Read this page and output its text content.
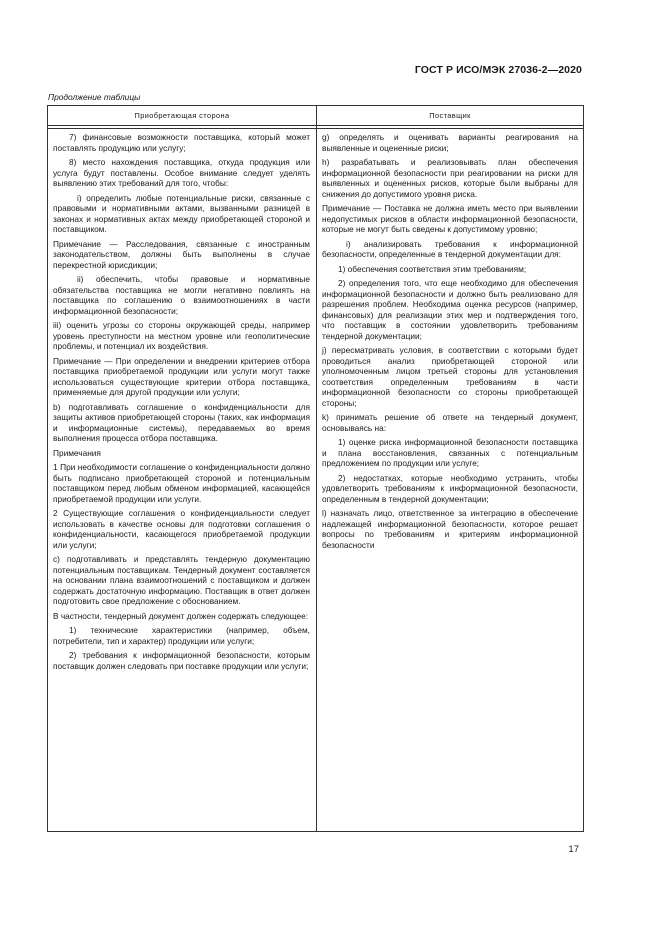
ГОСТ Р ИСО/МЭК 27036-2—2020
Продолжение таблицы
Приобретающая сторона	Поставщик

7) финансовые возможности поставщика, который может поставлять продукцию или услугу;

8) место нахождения поставщика, откуда продукция или услуга будут поставлены. Особое внимание следует уделять выявлению этих требований для того, чтобы:

i) определить любые потенциальные риски, связанные с правовыми и нормативными актами, вызванными разницей в законах и нормативных актах между приобретающей стороной и поставщиком.

Примечание — Расследования, связанные с иностранным законодательством, должны быть выполнены в случае перекрестной юрисдикции;

ii) обеспечить, чтобы правовые и нормативные обязательства поставщика не могли негативно повлиять на поставщика по соглашению о взаимоотношениях в части информационной безопасности;

iii) оценить угрозы со стороны окружающей среды, например уровень преступности на местном уровне или геополитические проблемы, и потенциал их воздействия.

Примечание — При определении и внедрении критериев отбора поставщика приобретаемой продукции или услуги могут также использоваться существующие критерии отбора поставщика, применяемые для другой продукции или услуги;

b) подготавливать соглашение о конфиденциальности для защиты активов приобретающей стороны (таких, как информация и информационные системы), передаваемых во время выполнения процесса отбора поставщика.

Примечания

1 При необходимости соглашение о конфиденциальности должно быть подписано приобретающей стороной и потенциальным поставщиком перед любым обменом информацией, касающейся приобретаемой продукции или услуги.

2 Существующие соглашения о конфиденциальности следует использовать в качестве основы для подготовки соглашения о конфиденциальности, касающегося приобретаемой продукции или услуги;

c) подготавливать и представлять тендерную документацию потенциальным поставщикам. Тендерный документ составляется на основании плана взаимоотношений с поставщиком и должен содержать достаточную информацию. Поставщик в ответ должен подготовить свое предложение с обоснованием.

В частности, тендерный документ должен содержать следующее:

1) технические характеристики (например, объем, потребители, тип и характер) продукции или услуги;

2) требования к информационной безопасности, которым поставщик должен следовать при поставке продукции или услуги;

g) определять и оценивать варианты реагирования на выявленные и оцененные риски;

h) разрабатывать и реализовывать план обеспечения информационной безопасности при реагировании на риски для выявленных и оцененных рисков, которые были выбраны для снижения до допустимого уровня риска.

Примечание — Поставка не должна иметь место при выявлении недопустимых рисков в области информационной безопасности, которые не могут быть сведены к допустимому уровню;

i) анализировать требования к информационной безопасности, определенные в тендерной документации для:

1) обеспечения соответствия этим требованиям;

2) определения того, что еще необходимо для обеспечения информационной безопасности и должно быть реализовано для разрешения проблем. Необходима оценка ресурсов (например, финансовых) для реализации этих мер и подтверждения того, что поставщик в состоянии удовлетворить требованиям тендерной документации;

j) пересматривать условия, в соответствии с которыми будет проводиться анализ приобретающей стороной или уполномоченным лицом третьей стороны для установления соответствия определенным требованиям в части информационной безопасности со стороны приобретающей стороны;

k) принимать решение об ответе на тендерный документ, основываясь на:

1) оценке риска информационной безопасности поставщика и плана восстановления, связанных с потенциальным предложением по продукции или услуге;

2) недостатках, которые необходимо устранить, чтобы удовлетворить требованиям к информационной безопасности, определенным в тендерной документации;

l) назначать лицо, ответственное за интеграцию в обеспечение надлежащей информационной безопасности, которое решает вопросы по требованиям и критериям информационной безопасности

17
